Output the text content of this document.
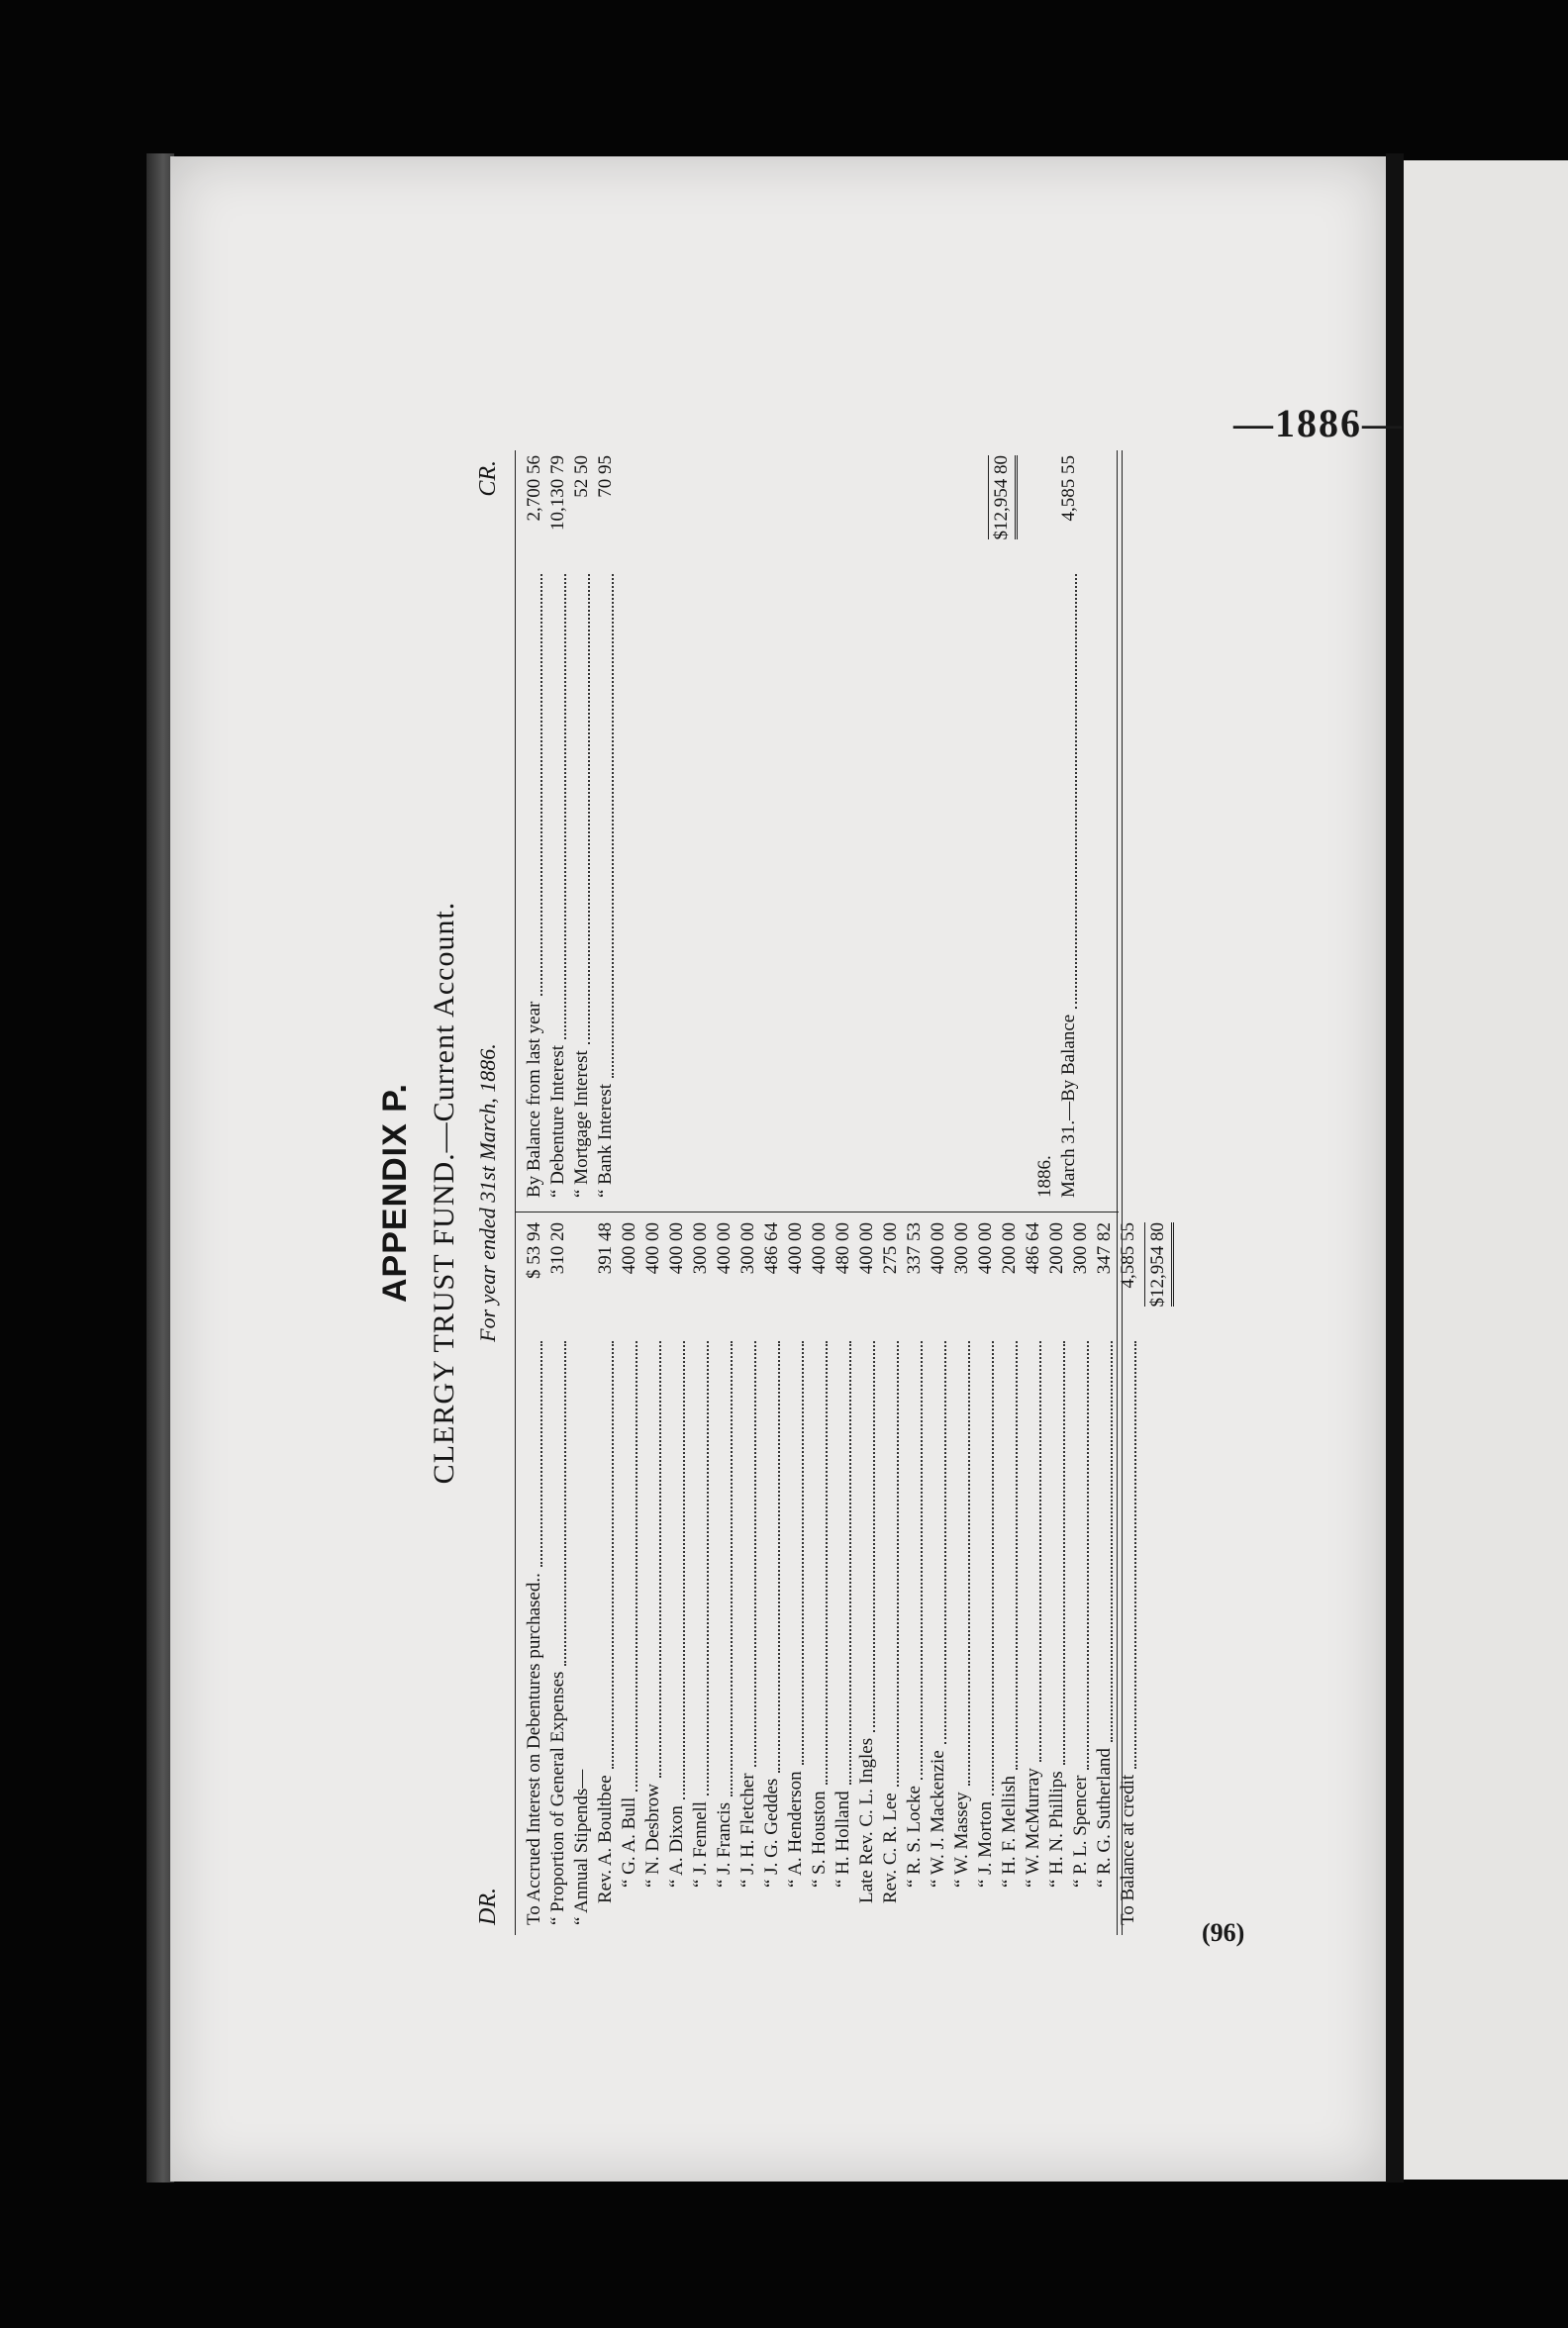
—1886—
(96)
APPENDIX P. CLERGY TRUST FUND.—Current Account.
DR.
For year ended 31st March, 1886.
CR.
To Accrued Interest on Debentures purchased..
$ 53 94
“ Proportion of General Expenses
310 20
“ Annual Stipends— Rev. A. Boultbee
391 48
“ G. A. Bull
400 00
“ N. Desbrow
400 00
“ A. Dixon
400 00
“ J. Fennell
300 00
“ J. Francis
400 00
“ J. H. Fletcher
300 00
“ J. G. Geddes
486 64
“ A. Henderson
400 00
“ S. Houston
400 00
“ H. Holland
480 00
Late Rev. C. L. Ingles
400 00
Rev. C. R. Lee
275 00
“ R. S. Locke
337 53
“ W. J. Mackenzie
400 00
“ W. Massey
300 00
“ J. Morton
400 00
“ H. F. Mellish
200 00
“ W. McMurray
486 64
“ H. N. Phillips
200 00
“ P. L. Spencer
300 00
“ R. G. Sutherland
347 82
To Balance at credit
4,585 55 $12,954 80
By Balance from last year
2,700 56
“ Debenture Interest
10,130 79
“ Mortgage Interest
52 50
“ Bank Interest
70 95	$12,954 80
1886. March 31.—By Balance
4,585 55
